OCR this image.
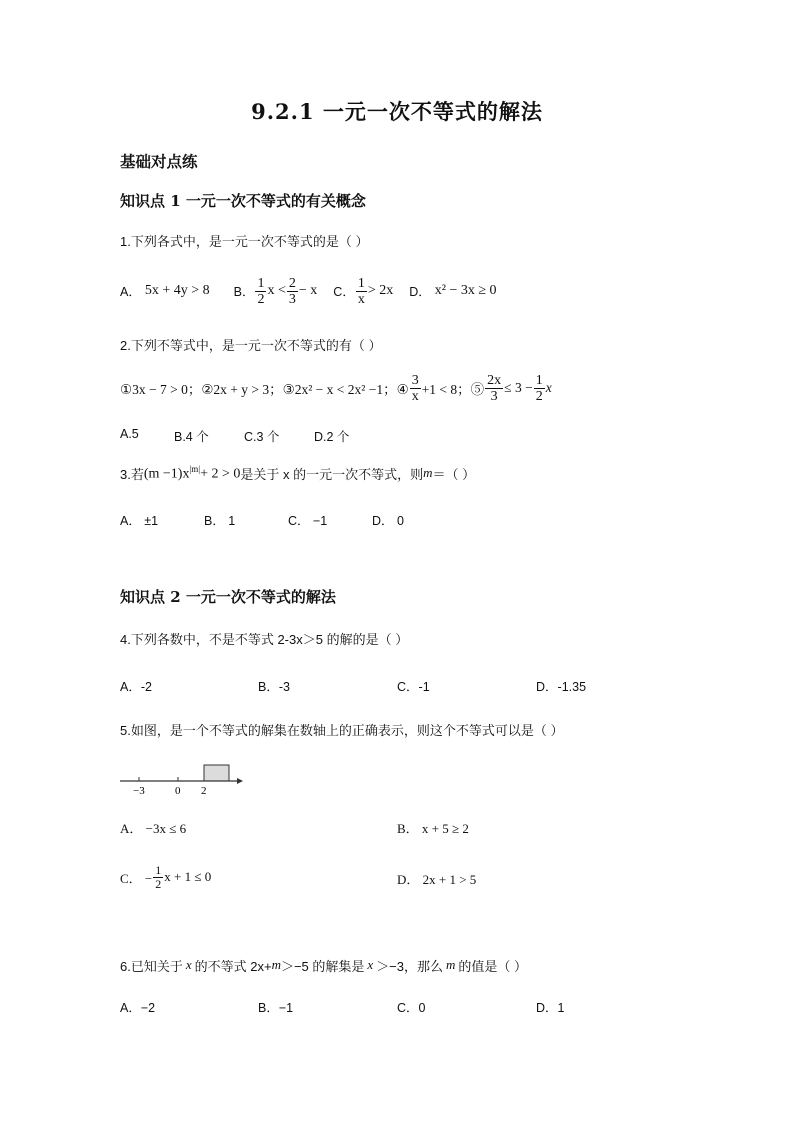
9.2.1 一元一次不等式的解法
基础对点练
知识点 1 一元一次不等式的有关概念
1.下列各式中，是一元一次不等式的是（ ）
A． 5x + 4y > 8 B． $\frac{1}{2}$ $x < \frac{2}{3} - x$ C． $\frac{1}{x} > 2x$ D． x² − 3x ≥ 0
2.下列不等式中，是一元一次不等式的有（ ）
①3x − 7 > 0；②2x + y > 3；③2x² − x < 2x² −1；④ $\frac{3}{x} +1 < 8$；⑤ $\frac{2x}{3} \le 3 - \frac{1}{2}$ x
A.5	B.4 个	C.3 个	D.2 个
3.若 $(m -1)x^{|m|}+ 2 > 0$ 是关于 x 的一元一次不等式，则 m ＝（ ）
A． ±1	B． 1	C． −1	D． 0
知识点 2 一元一次不等式的解法
4.下列各数中，不是不等式 2-3x＞5 的解的是（ ）
A．-2	B．-3	C．-1	D．-1.35
5.如图，是一个不等式的解集在数轴上的正确表示，则这个不等式可以是（ ）
−3	0 2
A． −3x ≤ 6	B． x + 5 ≥ 2
C． − $\frac{1}{2}$ x + 1 ≤ 0	D． 2x + 1 > 5
6.已知关于 x 的不等式 2x+ m ＞−5 的解集是 x ＞−3，那么 m 的值是（ ）
A．−2	B．−1	C．0	D．1
